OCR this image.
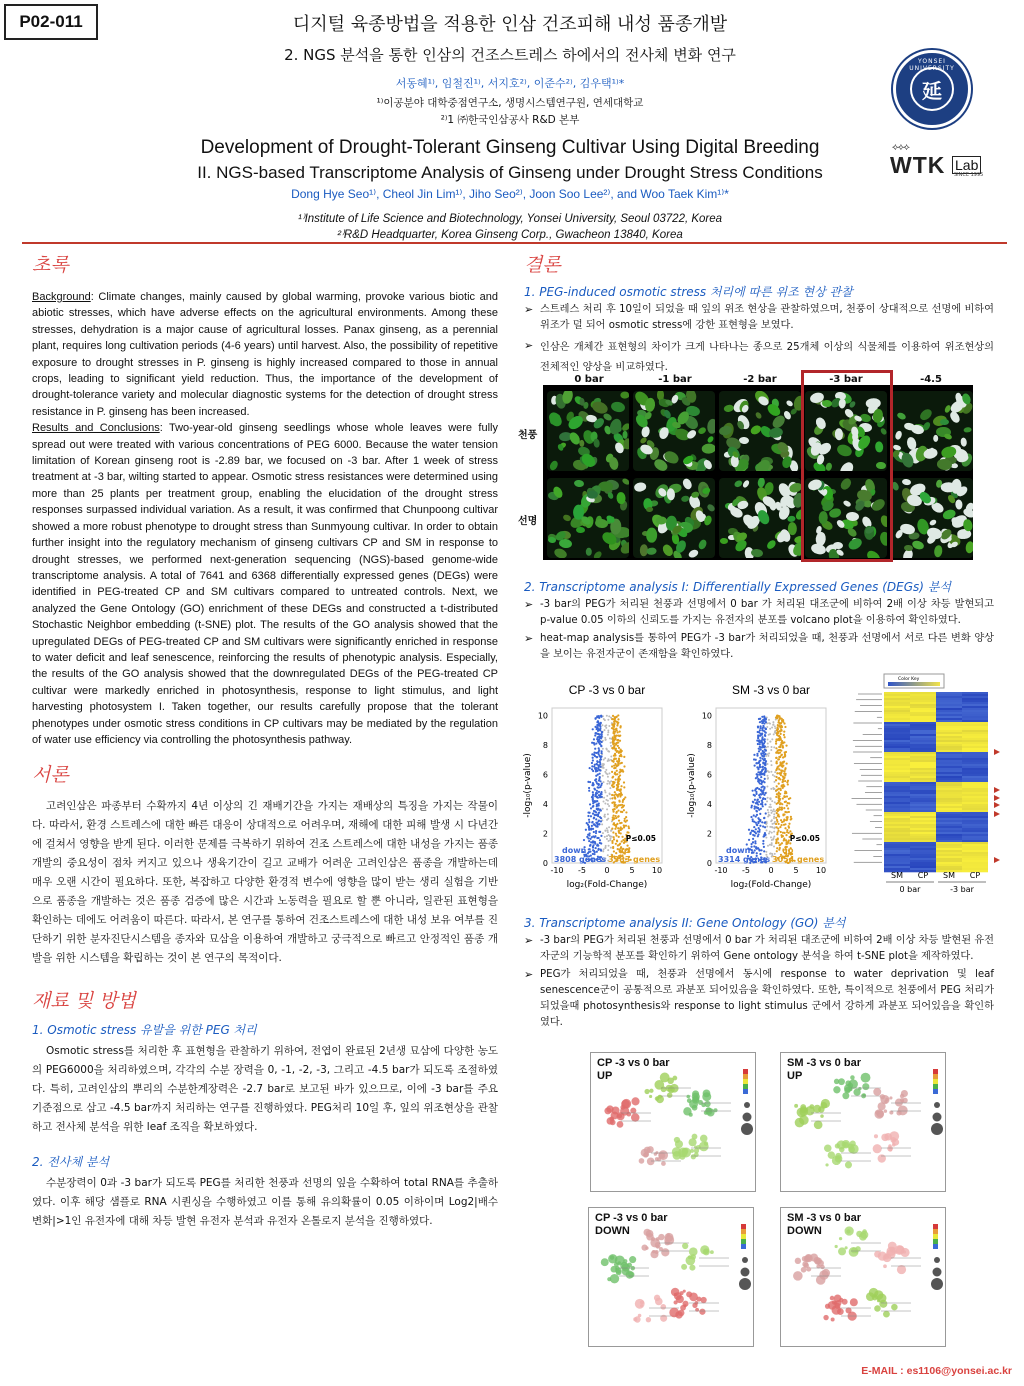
P02-011	디지털 육종방법을 적용한 인삼 건조피해 내성 품종개발
2. NGS 분석을 통한 인삼의 건조스트레스 하에서의 전사체 변화 연구
서동혜¹⁾, 임철진¹⁾, 서지호²⁾, 이준수²⁾, 김우택¹⁾*
¹⁾이공분야 대학중점연구소, 생명시스템연구원, 연세대학교
²⁾1 ㈜한국인삼공사 R&D 본부
Development of Drought-Tolerant Ginseng Cultivar Using Digital Breeding
II. NGS-based Transcriptome Analysis of Ginseng under Drought Stress Conditions
Dong Hye Seo¹⁾, Cheol Jin Lim¹⁾, Jiho Seo²⁾, Joon Soo Lee²⁾, and Woo Taek Kim¹⁾*
¹⁾Institute of Life Science and Biotechnology, Yonsei University, Seoul 03722, Korea
²⁾R&D Headquarter, Korea Ginseng Corp., Gwacheon 13840, Korea
YONSEI UNIVERSITY
延
⟡⟡⟡
WTK Lab
SINCE 1995
초록
Background: Climate changes, mainly caused by global warming, provoke various biotic and abiotic stresses, which have adverse effects on the agricultural environments. Among these stresses, dehydration is a major cause of agricultural losses. Panax ginseng, as a perennial plant, requires long cultivation periods (4-6 years) until harvest. Also, the possibility of repetitive exposure to drought stresses in P. ginseng is highly increased compared to those in annual crops, leading to significant yield reduction. Thus, the importance of the development of drought-tolerance variety and molecular diagnostic systems for the detection of drought stress resistance in P. ginseng has been increased.
Results and Conclusions: Two-year-old ginseng seedlings whose whole leaves were fully spread out were treated with various concentrations of PEG 6000. Because the water tension limitation of Korean ginseng root is -2.89 bar, we focused on -3 bar. After 1 week of stress treatment at -3 bar, wilting started to appear. Osmotic stress resistances were determined using more than 25 plants per treatment group, enabling the elucidation of the drought stress responses surpassed individual variation. As a result, it was confirmed that Chunpoong cultivar showed a more robust phenotype to drought stress than Sunmyoung cultivar. In order to obtain further insight into the regulatory mechanism of ginseng cultivars CP and SM in response to drought stresses, we performed next-generation sequencing (NGS)-based genome-wide transcriptome analysis. A total of 7641 and 6368 differentially expressed genes (DEGs) were identified in PEG-treated CP and SM cultivars compared to untreated controls. Next, we analyzed the Gene Ontology (GO) enrichment of these DEGs and constructed a t-distributed Stochastic Neighbor embedding (t-SNE) plot. The results of the GO analysis showed that the upregulated DEGs of PEG-treated CP and SM cultivars were significantly enriched in response to water deficit and leaf senescence, reinforcing the results of phenotypic analysis. Especially, the results of the GO analysis showed that the downregulated DEGs of the PEG-treated CP cultivar were markedly enriched in photosynthesis, response to light stimulus, and light harvesting photosystem I. Taken together, our results carefully propose that the tolerant phenotypes under osmotic stress conditions in CP cultivars may be mediated by the regulation of water use efficiency via controlling the photosynthesis pathway.
서론
고려인삼은 파종부터 수확까지 4년 이상의 긴 재배기간을 가지는 재배상의 특징을 가지는 작물이다. 따라서, 환경 스트레스에 대한 빠른 대응이 상대적으로 어려우며, 재해에 대한 피해 발생 시 다년간에 걸쳐서 영향을 받게 된다. 이러한 문제를 극복하기 위하여 건조 스트레스에 대한 내성을 가지는 품종 개발의 중요성이 점차 커지고 있으나 생육기간이 길고 교배가 어려운 고려인삼은 품종을 개발하는데 매우 오랜 시간이 필요하다. 또한, 복잡하고 다양한 환경적 변수에 영향을 많이 받는 생리 실험을 기반으로 품종을 개발하는 것은 품종 검증에 많은 시간과 노동력을 필요로 할 뿐 아니라, 일관된 표현형을 확인하는 데에도 어려움이 따른다. 따라서, 본 연구를 통하여 건조스트레스에 대한 내성 보유 여부를 진단하기 위한 분자진단시스템을 종자와 묘삼을 이용하여 개발하고 궁극적으로 빠르고 안정적인 품종 개발을 위한 시스템을 확립하는 것이 본 연구의 목적이다.
재료 및 방법
1. Osmotic stress 유발을 위한 PEG 처리
Osmotic stress를 처리한 후 표현형을 관찰하기 위하여, 전엽이 완료된 2년생 묘삼에 다양한 농도의 PEG6000을 처리하였으며, 각각의 수분 장력을 0, -1, -2, -3, 그리고 -4.5 bar가 되도록 조절하였다. 특히, 고려인삼의 뿌리의 수분한계장력은 -2.7 bar로 보고된 바가 있으므로, 이에 -3 bar를 주요 기준점으로 삼고 -4.5 bar까지 처리하는 연구를 진행하였다. PEG처리 10일 후, 잎의 위조현상을 관찰하고 전사체 분석을 위한 leaf 조직을 확보하였다.
2. 전사체 분석
수분장력이 0과 -3 bar가 되도록 PEG를 처리한 천풍과 선명의 잎을 수확하여 total RNA를 추출하였다. 이후 해당 샘플로 RNA 시퀀싱을 수행하였고 이를 통해 유의확률이 0.05 이하이며 Log2|배수 변화|>1인 유전자에 대해 차등 발현 유전자 분석과 유전자 온톨로지 분석을 진행하였다.
결론
1. PEG-induced osmotic stress 처리에 따른 위조 현상 관찰
➢ 스트레스 처리 후 10일이 되었을 때 잎의 위조 현상을 관찰하였으며, 천풍이 상대적으로 선명에 비하여 위조가 덜 되어 osmotic stress에 강한 표현형을 보였다.
➢ 인삼은 개체간 표현형의 차이가 크게 나타나는 종으로 25개체 이상의 식물체를 이용하여 위조현상의 전체적인 양상을 비교하였다.
0 bar	-1 bar	-2 bar	-3 bar	-4.5
천풍
선명
2. Transcriptome analysis I: Differentially Expressed Genes (DEGs) 분석
➢ -3 bar의 PEG가 처리된 천풍과 선명에서 0 bar 가 처리된 대조군에 비하여 2배 이상 차등 발현되고 p-value 0.05 이하의 신뢰도를 가지는 유전자의 분포를 volcano plot을 이용하여 확인하였다.
➢ heat-map analysis를 통하여 PEG가 -3 bar가 처리되었을 때, 천풍과 선명에서 서로 다른 변화 양상을 보이는 유전자군이 존재함을 확인하였다.
CP -3 vs 0 bar
0
2
4
6
8
10
-10 -5 0 5 10
log₂(Fold-Change)
-log₁₀(p-value)
P≤0.05
down
3808 genes
up
3383 genes
SM -3 vs 0 bar
0
2
4
6
8
10
-10 -5 0 5 10
log₂(Fold-Change)
-log₁₀(p-value)
P≤0.05
down
3314 genes
up
3054 genes
Color Key
SM CP SM CP
0 bar	-3 bar
3. Transcriptome analysis II: Gene Ontology (GO) 분석
➢ -3 bar의 PEG가 처리된 천풍과 선명에서 0 bar 가 처리된 대조군에 비하여 2배 이상 차등 발현된 유전자군의 기능학적 분포를 확인하기 위하여 Gene ontology 분석을 하여 t-SNE plot을 제작하였다.
➢ PEG가 처리되었을 때, 천풍과 선명에서 동시에 response to water deprivation 및 leaf senescence군이 공통적으로 과분포 되어있음을 확인하였다. 또한, 특이적으로 천풍에서 PEG 처리가 되었을때 photosynthesis와 response to light stimulus 군에서 강하게 과분포 되어있음을 확인하였다.
CP -3 vs 0 bar
UP
SM -3 vs 0 bar
UP
CP -3 vs 0 bar
DOWN
SM -3 vs 0 bar
DOWN
E-MAIL : es1106@yonsei.ac.kr
